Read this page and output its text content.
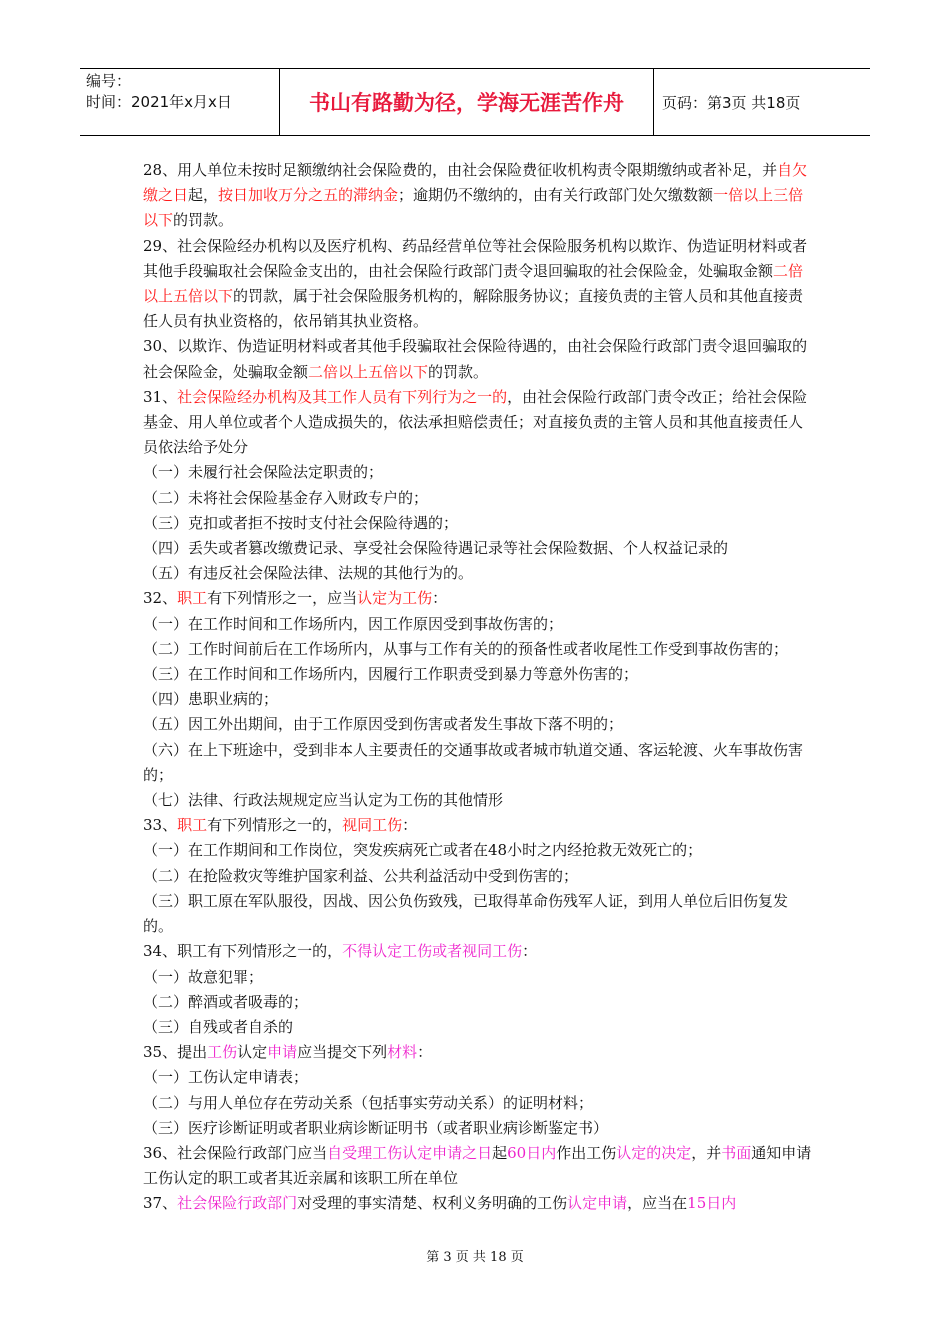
编号：
时间：2021年x月x日	书山有路勤为径，学海无涯苦作舟	页码：第3页 共18页

28、用人单位未按时足额缴纳社会保险费的，由社会保险费征收机构责令限期缴纳或者补足，并自欠缴之日起，按日加收万分之五的滞纳金；逾期仍不缴纳的，由有关行政部门处欠缴数额一倍以上三倍以下的罚款。

29、社会保险经办机构以及医疗机构、药品经营单位等社会保险服务机构以欺诈、伪造证明材料或者其他手段骗取社会保险金支出的，由社会保险行政部门责令退回骗取的社会保险金，处骗取金额二倍以上五倍以下的罚款，属于社会保险服务机构的，解除服务协议；直接负责的主管人员和其他直接责任人员有执业资格的，依吊销其执业资格。

30、以欺诈、伪造证明材料或者其他手段骗取社会保险待遇的，由社会保险行政部门责令退回骗取的社会保险金，处骗取金额二倍以上五倍以下的罚款。

31、社会保险经办机构及其工作人员有下列行为之一的，由社会保险行政部门责令改正；给社会保险基金、用人单位或者个人造成损失的，依法承担赔偿责任；对直接负责的主管人员和其他直接责任人员依法给予处分

（一）未履行社会保险法定职责的；

（二）未将社会保险基金存入财政专户的；

（三）克扣或者拒不按时支付社会保险待遇的；

（四）丢失或者篡改缴费记录、享受社会保险待遇记录等社会保险数据、个人权益记录的

（五）有违反社会保险法律、法规的其他行为的。

32、职工有下列情形之一，应当认定为工伤：

（一）在工作时间和工作场所内，因工作原因受到事故伤害的；

（二）工作时间前后在工作场所内，从事与工作有关的的预备性或者收尾性工作受到事故伤害的；

（三）在工作时间和工作场所内，因履行工作职责受到暴力等意外伤害的；

（四）患职业病的；

（五）因工外出期间，由于工作原因受到伤害或者发生事故下落不明的；

（六）在上下班途中，受到非本人主要责任的交通事故或者城市轨道交通、客运轮渡、火车事故伤害的；

（七）法律、行政法规规定应当认定为工伤的其他情形

33、职工有下列情形之一的，视同工伤：

（一）在工作期间和工作岗位，突发疾病死亡或者在48小时之内经抢救无效死亡的；

（二）在抢险救灾等维护国家利益、公共利益活动中受到伤害的；

（三）职工原在军队服役，因战、因公负伤致残，已取得革命伤残军人证，到用人单位后旧伤复发的。

34、职工有下列情形之一的，不得认定工伤或者视同工伤：

（一）故意犯罪；

（二）醉酒或者吸毒的；

（三）自残或者自杀的

35、提出工伤认定申请应当提交下列材料：

（一）工伤认定申请表；

（二）与用人单位存在劳动关系（包括事实劳动关系）的证明材料；

（三）医疗诊断证明或者职业病诊断证明书（或者职业病诊断鉴定书）

36、社会保险行政部门应当自受理工伤认定申请之日起60日内作出工伤认定的决定，并书面通知申请工伤认定的职工或者其近亲属和该职工所在单位

37、社会保险行政部门对受理的事实清楚、权利义务明确的工伤认定申请，应当在15日内

第 3 页 共 18 页
